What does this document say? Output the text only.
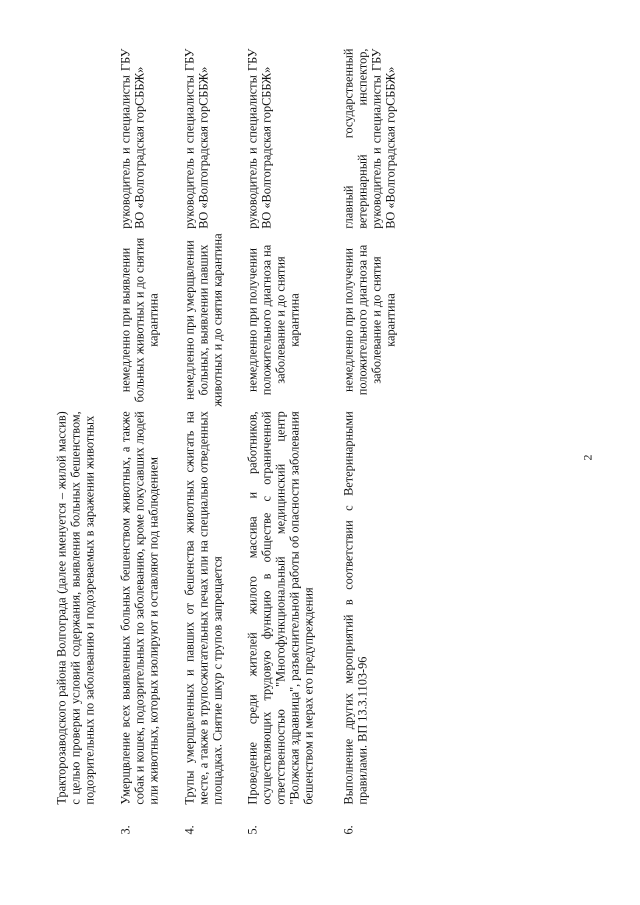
2
	Тракторозаводского района Волгограда (далее именуется – жилой массив) с целью проверки условий содержания, выявления больных бешенством, подозрительных по заболеванию и подозреваемых в заражении животных		
3.	Умерщвление всех выявленных больных бешенством животных, а также собак и кошек, подозрительных по заболеванию, кроме покусавших людей или животных, которых изолируют и оставляют под наблюдением	немедленно при выявлении больных животных и до снятия карантина	руководитель и специалисты ГБУ ВО «Волгоградская горСББЖ»
4.	Трупы умерщвленных и павших от бешенства животных сжигать на месте, а также в трупосжигательных печах или на специально отведенных площадках. Снятие шкур с трупов запрещается	немедленно при умерщвлении больных, выявлении павших животных и до снятия карантина	руководитель и специалисты ГБУ ВО «Волгоградская горСББЖ»
5.	Проведение среди жителей жилого массива и работников, осуществляющих трудовую функцию в обществе с ограниченной ответственностью "Многофункциональный медицинский центр "Волжская здравница", разъяснительной работы об опасности заболевания бешенством и мерах его предупреждения	немедленно при получении положительного диагноза на заболевание и до снятия карантина	руководитель и специалисты ГБУ ВО «Волгоградская горСББЖ»
6.	Выполнение других мероприятий в соответствии с Ветеринарными правилами. ВП 13.3.1103-96	немедленно при получении положительного диагноза на заболевание и до снятия карантина	главный государственный ветеринарный инспектор, руководитель и специалисты ГБУ ВО «Волгоградская горСББЖ»
